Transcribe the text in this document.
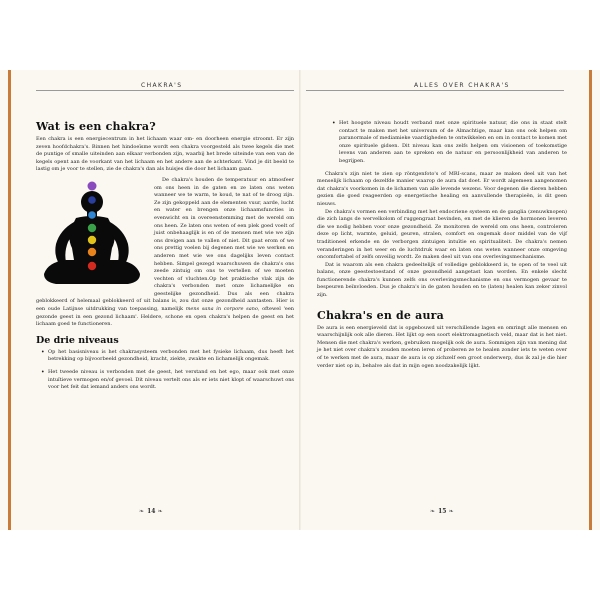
CHAKRA'S	ALLES OVER CHAKRA'S
Wat is een chakra?

Een chakra is een energiecentrum in het lichaam waar om- en doorheen energie stroomt. Er zijn zeven hoofdchakra's. Binnen het hindoeïsme wordt een chakra voorgesteld als twee kegels die met de puntige of smalle uiteinden aan elkaar verbonden zijn, waarbij het brede uiteinde van een van de kegels opent aan de voorkant van het lichaam en het andere aan de achterkant. Vind je dit beeld te lastig om je voor te stellen, zie de chakra's dan als huisjes die door het lichaam gaan.

De chakra's houden de temperatuur en atmosfeer om ons heen in de gaten en ze laten ons weten wanneer we te warm, te koud, te nat of te droog zijn. Ze zijn gekoppeld aan de elementen vuur, aarde, lucht en water en brengen onze lichaamsfuncties in evenwicht en in overeenstemming met de wereld om ons heen. Ze laten ons weten of een plek goed voelt of juist onbehaaglijk is en of de mensen met wie we zijn ons dreigen aan te vallen of niet. Dit gaat erom of we ons prettig voelen bij degenen met wie we werken en anderen met wie we ons dagelijks leven contact hebben. Simpel gezegd waarschuwen de chakra's ons zeede zintuig om ons te vertellen of we moeten vechten of vluchten.Op het praktische vlak zijn de chakra's verbonden met onze lichamelijke en geestelijke gezondheid. Dus als een chakra geblokkeerd of helemaal geblokkeerd of uit balans is, zou dat onze gezondheid aantasten. Hier is een oude Latijnse uitdrukking van toepassing, namelijk mens sana in corpore sano, oftewel 'een gezonde geest in een gezond lichaam'. Heldere, schone en open chakra's helpen de geest en het lichaam goed te functioneren.

De drie niveaus
• Op het basisniveau is het chakrasysteem verbonden met het fysieke lichaam, dus heeft het betrekking op bijvoorbeeld gezondheid, kracht, ziekte, zwakte en lichamelijk ongemak.
• Het tweede niveau is verbonden met de geest, het verstand en het ego, maar ook met onze intuïtieve vermogen en/of gevoel. Dit niveau vertelt ons als er iets niet klopt of waarschuwt ons voor het feit dat iemand anders ons wordt.
❧ 14 ❧
• Het hoogste niveau houdt verband met onze spirituele natuur, die ons in staat stelt contact te maken met het universum of de Almachtige, maar kan ons ook helpen om paranormale of mediamieke vaardigheden te ontwikkelen en om in contact te komen met onze spirituele gidsen. Dit niveau kan ons zelfs helpen om visioenen of toekomstige levens van anderen aan te spreken en de natuur en persoonlijkheid van anderen te begrijpen.

Chakra's zijn niet te zien op röntgenfoto's of MRI-scans, maar ze maken deel uit van het menselijk lichaam op dezelfde manier waarop de aura dat doet. Er wordt algemeen aangenomen dat chakra's voorkomen in de lichamen van alle levende wezens. Voor degenen die dieren hebben gezien die goed reageerden op energetische healing en aanvullende therapieën, is dit geen nieuws.

De chakra's vormen een verbinding met het endocriene systeem en de ganglia (zenuwknopen) die zich langs de wervelkolom of ruggengraat bevinden, en met de klieren de hormonen leveren die we nodig hebben voor onze gezondheid. Ze monitoren de wereld om ons heen, controleren deze op licht, warmte, geluid, geuren, stralen, comfort en ongemak door middel van de vijf traditioneel erkende en de verborgen zintuigen intuïtie en spiritualiteit. De chakra's nemen veranderingen in het weer en de luchtdruk waar en laten ons weten wanneer onze omgeving oncomfortabel of zelfs onveilig wordt. Ze maken deel uit van ons overlevingsmechanisme.

Dat is waarom als een chakra gedeeltelijk of volledige geblokkeerd is, te open of te veel uit balans, onze geestestoestand of onze gezondheid aangetast kan worden. En enkele slecht functionerende chakra's kunnen zelfs ons overlevingsmechanisme en ons vermogen gevaar te bespeuren beïnvloeden. Dus je chakra's in de gaten houden en te (laten) healen kan zeker zinvol zijn.

Chakra's en de aura

De aura is een energieveld dat is opgebouwd uit verschillende lagen en omringt alle mensen en waarschijnlijk ook alle dieren. Het lijkt op een soort elektromagnetisch veld, maar dat is het niet. Mensen die met chakra's werken, gebruiken mogelijk ook de aura. Sommigen zijn van mening dat je het niet over chakra's zouden moeten leren of proberen ze te healen zonder iets te weten over of te werken met de aura, maar de aura is op zichzelf een groot onderwerp, dus ik zal je die hier verder niet op in, behalve als dat in mijn ogen noodzakelijk lijkt.

❧ 15 ❧
